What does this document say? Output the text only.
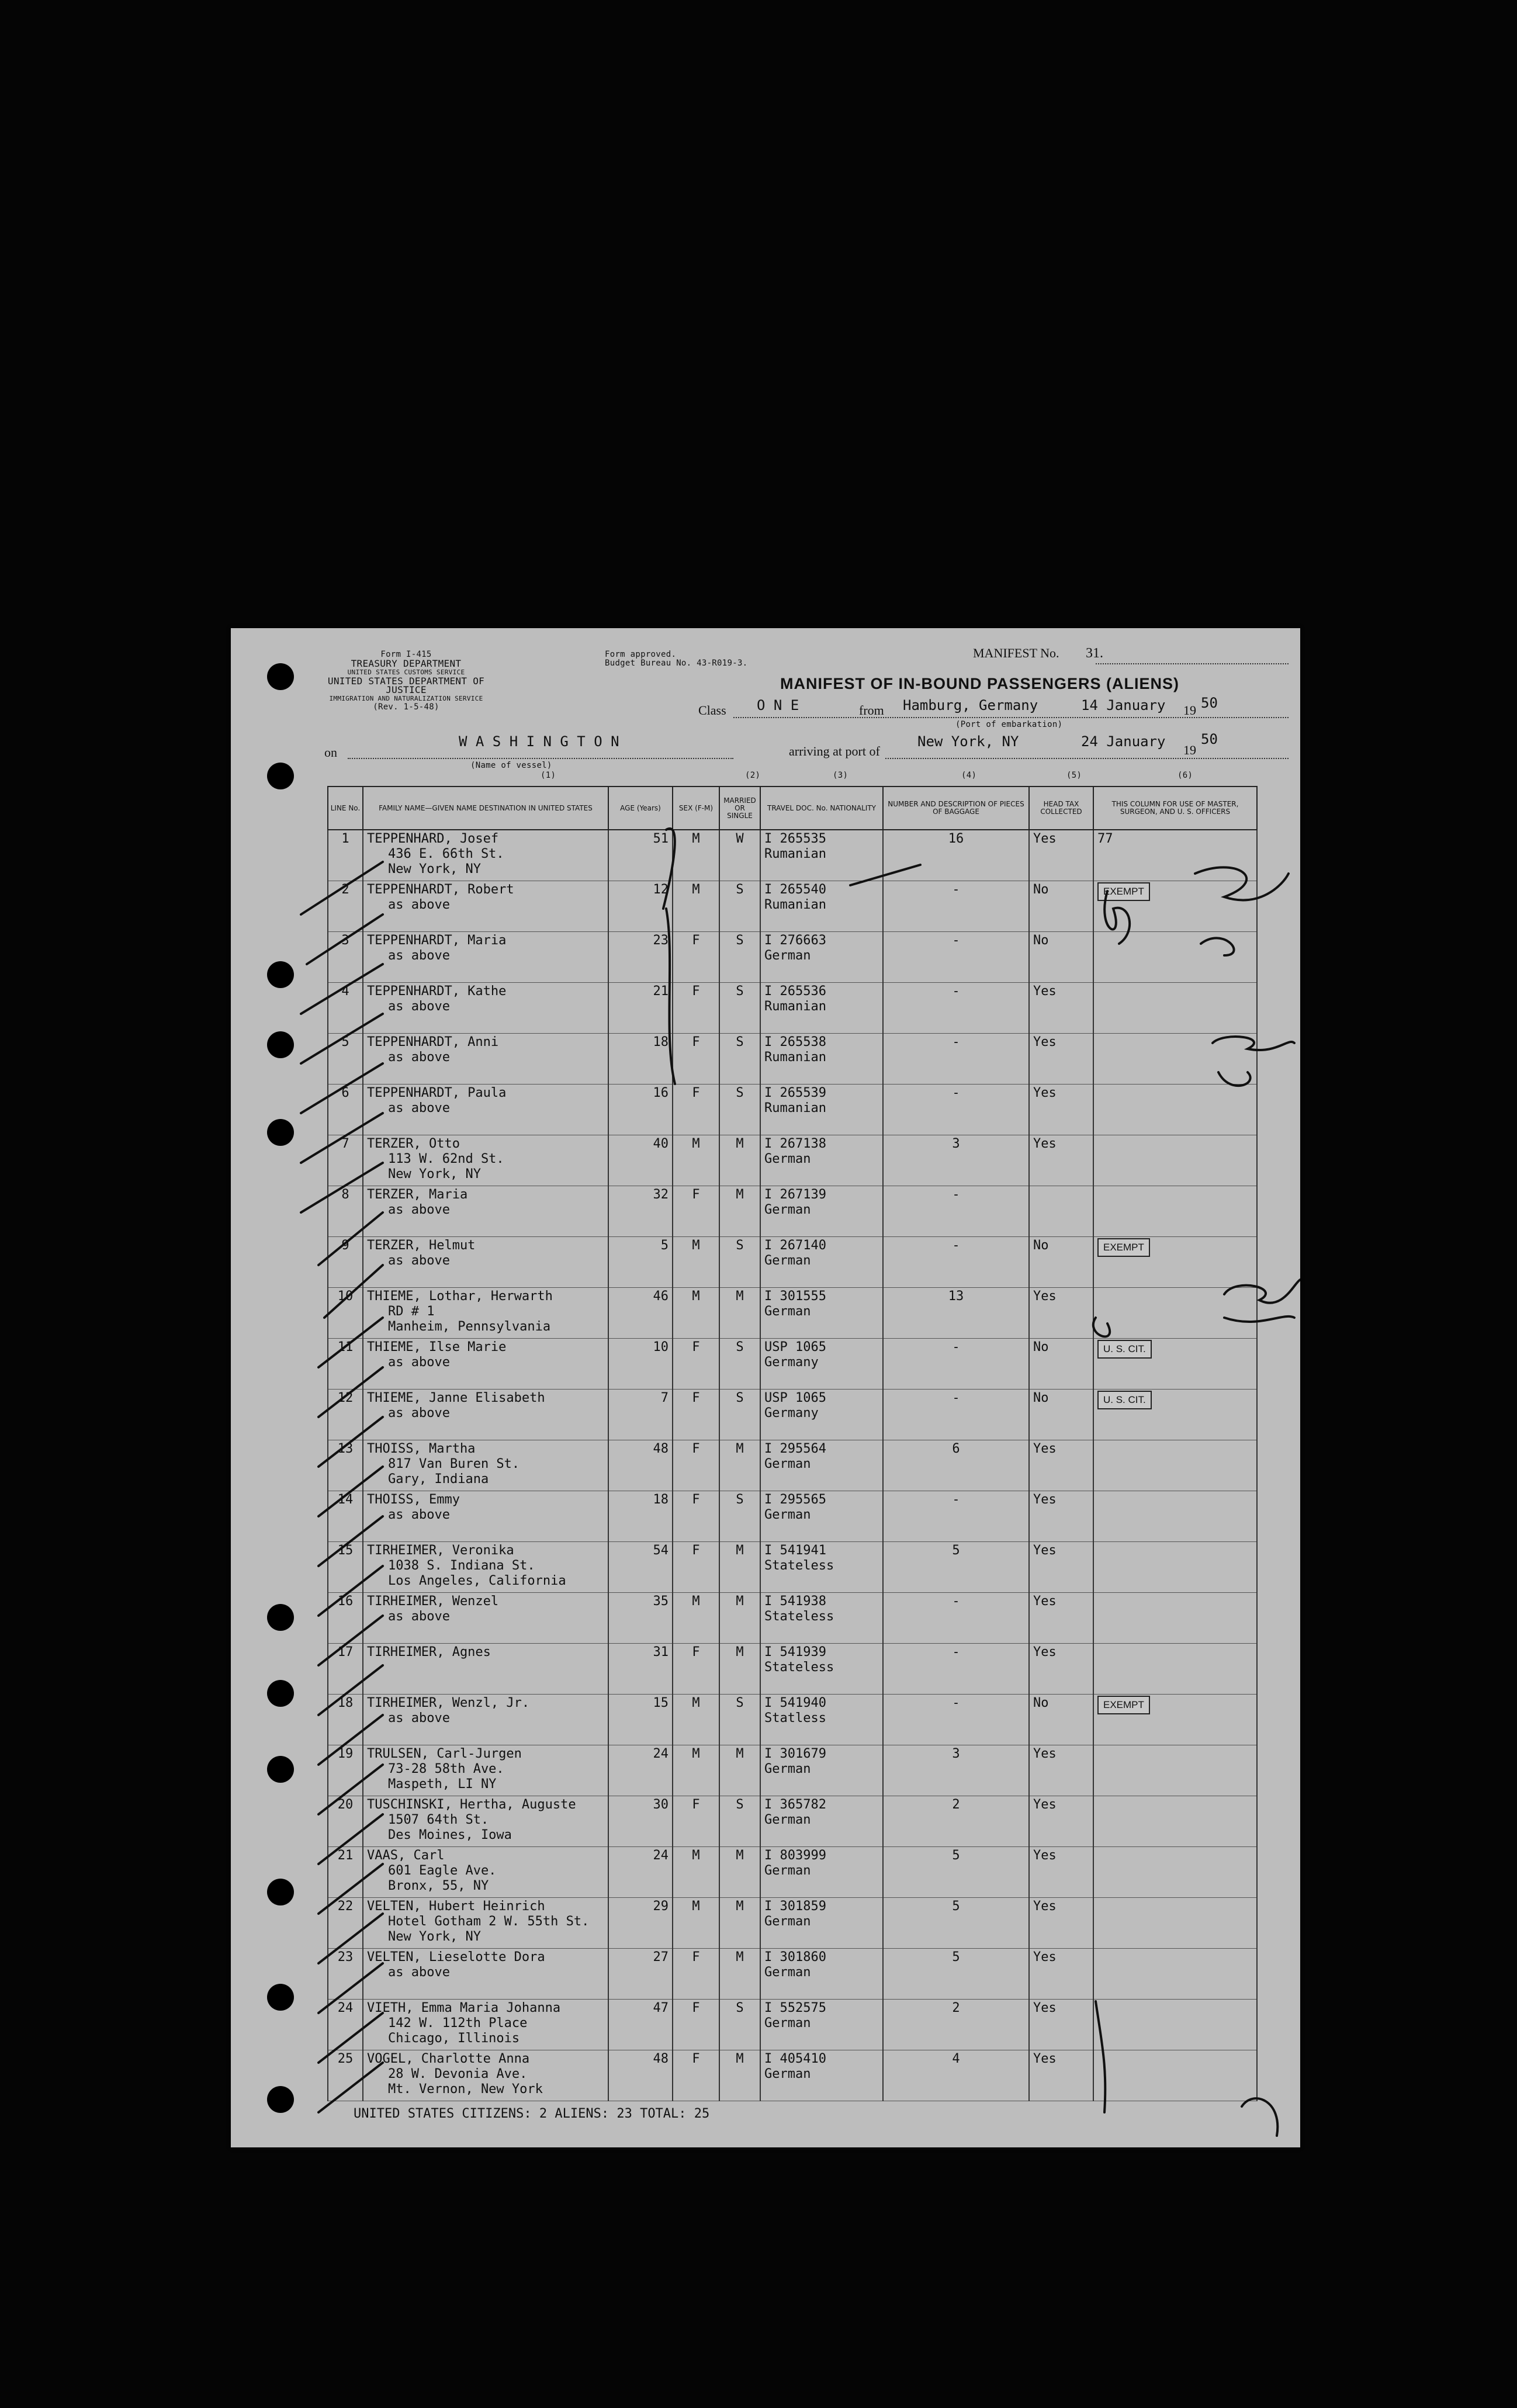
Form I-415
TREASURY DEPARTMENT
UNITED STATES CUSTOMS SERVICE
UNITED STATES DEPARTMENT OF JUSTICE
IMMIGRATION AND NATURALIZATION SERVICE
(Rev. 1-5-48)
Form approved.
Budget Bureau No. 43-R019-3.
MANIFEST No. 31.
MANIFEST OF IN-BOUND PASSENGERS (ALIENS)
Class O N E	from Hamburg, Germany	14 January 19 50
(Port of embarkation)
on
W A S H I N G T O N
(Name of vessel)
arriving at port of
New York, NY	24 January
19
50
(1)	(2)	(3)	(4)	(5)	(6)
LINE No.	FAMILY NAME—GIVEN NAME DESTINATION IN UNITED STATES	AGE (Years)	SEX (F-M)	MARRIED OR SINGLE	TRAVEL DOC. No. NATIONALITY	NUMBER AND DESCRIPTION OF PIECES OF BAGGAGE	HEAD TAX COLLECTED	THIS COLUMN FOR USE OF MASTER, SURGEON, AND U. S. OFFICERS
1	TEPPENHARD, Josef
436 E. 66th St.
New York, NY	51	M	W	I 265535
Rumanian	16	Yes	77
2	TEPPENHARDT, Robert
as above	12	M	S	I 265540
Rumanian	-	No	EXEMPT
3	TEPPENHARDT, Maria
as above	23	F	S	I 276663
German	-	No	
4	TEPPENHARDT, Kathe
as above	21	F	S	I 265536
Rumanian	-	Yes	
5	TEPPENHARDT, Anni
as above	18	F	S	I 265538
Rumanian	-	Yes	
6	TEPPENHARDT, Paula
as above	16	F	S	I 265539
Rumanian	-	Yes	
7	TERZER, Otto
113 W. 62nd St.
New York, NY	40	M	M	I 267138
German	3	Yes	
8	TERZER, Maria
as above	32	F	M	I 267139
German	-		
9	TERZER, Helmut
as above	5	M	S	I 267140
German	-	No	EXEMPT
10	THIEME, Lothar, Herwarth
RD # 1
Manheim, Pennsylvania	46	M	M	I 301555
German	13	Yes	
11	THIEME, Ilse Marie
as above	10	F	S	USP 1065
Germany	-	No	U. S. CIT.
12	THIEME, Janne Elisabeth
as above	7	F	S	USP 1065
Germany	-	No	U. S. CIT.
13	THOISS, Martha
817 Van Buren St.
Gary, Indiana	48	F	M	I 295564
German	6	Yes	
14	THOISS, Emmy
as above	18	F	S	I 295565
German	-	Yes	
15	TIRHEIMER, Veronika
1038 S. Indiana St.
Los Angeles, California	54	F	M	I 541941
Stateless	5	Yes	
16	TIRHEIMER, Wenzel
as above	35	M	M	I 541938
Stateless	-	Yes	
17	TIRHEIMER, Agnes	31	F	M	I 541939
Stateless	-	Yes	
18	TIRHEIMER, Wenzl, Jr.
as above	15	M	S	I 541940
Statless	-	No	EXEMPT
19	TRULSEN, Carl-Jurgen
73-28 58th Ave.
Maspeth, LI NY	24	M	M	I 301679
German	3	Yes	
20	TUSCHINSKI, Hertha, Auguste
1507 64th St.
Des Moines, Iowa	30	F	S	I 365782
German	2	Yes	
21	VAAS, Carl
601 Eagle Ave.
Bronx, 55, NY	24	M	M	I 803999
German	5	Yes	
22	VELTEN, Hubert Heinrich
Hotel Gotham 2 W. 55th St.
New York, NY	29	M	M	I 301859
German	5	Yes	
23	VELTEN, Lieselotte Dora
as above	27	F	M	I 301860
German	5	Yes	
24	VIETH, Emma Maria Johanna
142 W. 112th Place
Chicago, Illinois	47	F	S	I 552575
German	2	Yes	
25	VOGEL, Charlotte Anna
28 W. Devonia Ave.
Mt. Vernon, New York	48	F	M	I 405410
German	4	Yes	
UNITED STATES CITIZENS: 2 ALIENS: 23 TOTAL: 25
